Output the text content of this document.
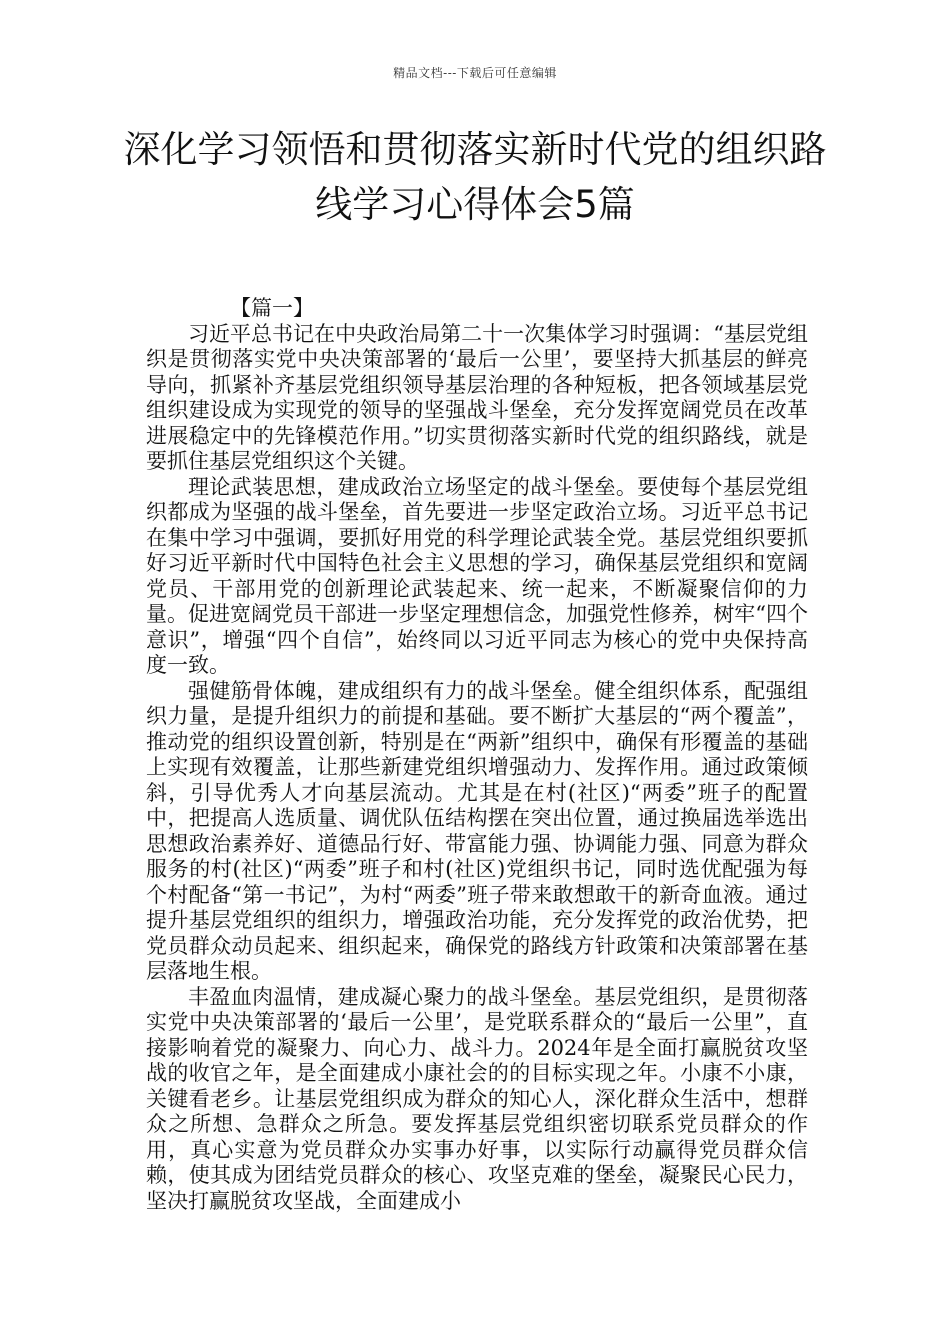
精品文档---下载后可任意编辑
深化学习领悟和贯彻落实新时代党的组织路线学习心得体会5篇

【篇一】

习近平总书记在中央政治局第二十一次集体学习时强调：“基层党组织是贯彻落实党中央决策部署的‘最后一公里’，要坚持大抓基层的鲜亮导向，抓紧补齐基层党组织领导基层治理的各种短板，把各领域基层党组织建设成为实现党的领导的坚强战斗堡垒，充分发挥宽阔党员在改革进展稳定中的先锋模范作用。”切实贯彻落实新时代党的组织路线，就是要抓住基层党组织这个关键。

理论武装思想，建成政治立场坚定的战斗堡垒。要使每个基层党组织都成为坚强的战斗堡垒，首先要进一步坚定政治立场。习近平总书记在集中学习中强调，要抓好用党的科学理论武装全党。基层党组织要抓好习近平新时代中国特色社会主义思想的学习，确保基层党组织和宽阔党员、干部用党的创新理论武装起来、统一起来，不断凝聚信仰的力量。促进宽阔党员干部进一步坚定理想信念，加强党性修养，树牢“四个意识”，增强“四个自信”，始终同以习近平同志为核心的党中央保持高度一致。

强健筋骨体魄，建成组织有力的战斗堡垒。健全组织体系，配强组织力量，是提升组织力的前提和基础。要不断扩大基层的“两个覆盖”，推动党的组织设置创新，特别是在“两新”组织中，确保有形覆盖的基础上实现有效覆盖，让那些新建党组织增强动力、发挥作用。通过政策倾斜，引导优秀人才向基层流动。尤其是在村(社区)“两委”班子的配置中，把提高人选质量、调优队伍结构摆在突出位置，通过换届选举选出思想政治素养好、道德品行好、带富能力强、协调能力强、同意为群众服务的村(社区)“两委”班子和村(社区)党组织书记，同时选优配强为每个村配备“第一书记”，为村“两委”班子带来敢想敢干的新奇血液。通过提升基层党组织的组织力，增强政治功能，充分发挥党的政治优势，把党员群众动员起来、组织起来，确保党的路线方针政策和决策部署在基层落地生根。

丰盈血肉温情，建成凝心聚力的战斗堡垒。基层党组织，是贯彻落实党中央决策部署的‘最后一公里’，是党联系群众的“最后一公里”，直接影响着党的凝聚力、向心力、战斗力。2024年是全面打赢脱贫攻坚战的收官之年，是全面建成小康社会的的目标实现之年。小康不小康，关键看老乡。让基层党组织成为群众的知心人，深化群众生活中，想群众之所想、急群众之所急。要发挥基层党组织密切联系党员群众的作用，真心实意为党员群众办实事办好事，以实际行动赢得党员群众信赖，使其成为团结党员群众的核心、攻坚克难的堡垒，凝聚民心民力，坚决打赢脱贫攻坚战，全面建成小
